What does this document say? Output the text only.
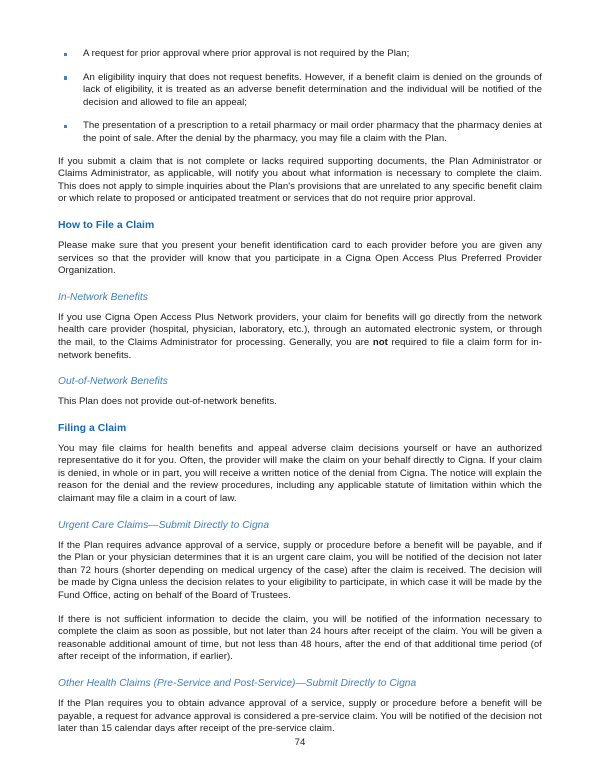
A request for prior approval where prior approval is not required by the Plan;
An eligibility inquiry that does not request benefits. However, if a benefit claim is denied on the grounds of lack of eligibility, it is treated as an adverse benefit determination and the individual will be notified of the decision and allowed to file an appeal;
The presentation of a prescription to a retail pharmacy or mail order pharmacy that the pharmacy denies at the point of sale. After the denial by the pharmacy, you may file a claim with the Plan.

If you submit a claim that is not complete or lacks required supporting documents, the Plan Administrator or Claims Administrator, as applicable, will notify you about what information is necessary to complete the claim. This does not apply to simple inquiries about the Plan's provisions that are unrelated to any specific benefit claim or which relate to proposed or anticipated treatment or services that do not require prior approval.

How to File a Claim

Please make sure that you present your benefit identification card to each provider before you are given any services so that the provider will know that you participate in a Cigna Open Access Plus Preferred Provider Organization.

In-Network Benefits

If you use Cigna Open Access Plus Network providers, your claim for benefits will go directly from the network health care provider (hospital, physician, laboratory, etc.), through an automated electronic system, or through the mail, to the Claims Administrator for processing. Generally, you are not required to file a claim form for in-network benefits.

Out-of-Network Benefits

This Plan does not provide out-of-network benefits.

Filing a Claim

You may file claims for health benefits and appeal adverse claim decisions yourself or have an authorized representative do it for you. Often, the provider will make the claim on your behalf directly to Cigna. If your claim is denied, in whole or in part, you will receive a written notice of the denial from Cigna. The notice will explain the reason for the denial and the review procedures, including any applicable statute of limitation within which the claimant may file a claim in a court of law.

Urgent Care Claims—Submit Directly to Cigna

If the Plan requires advance approval of a service, supply or procedure before a benefit will be payable, and if the Plan or your physician determines that it is an urgent care claim, you will be notified of the decision not later than 72 hours (shorter depending on medical urgency of the case) after the claim is received. The decision will be made by Cigna unless the decision relates to your eligibility to participate, in which case it will be made by the Fund Office, acting on behalf of the Board of Trustees.

If there is not sufficient information to decide the claim, you will be notified of the information necessary to complete the claim as soon as possible, but not later than 24 hours after receipt of the claim. You will be given a reasonable additional amount of time, but not less than 48 hours, after the end of that additional time period (of after receipt of the information, if earlier).

Other Health Claims (Pre-Service and Post-Service)—Submit Directly to Cigna

If the Plan requires you to obtain advance approval of a service, supply or procedure before a benefit will be payable, a request for advance approval is considered a pre-service claim. You will be notified of the decision not later than 15 calendar days after receipt of the pre-service claim.

74
